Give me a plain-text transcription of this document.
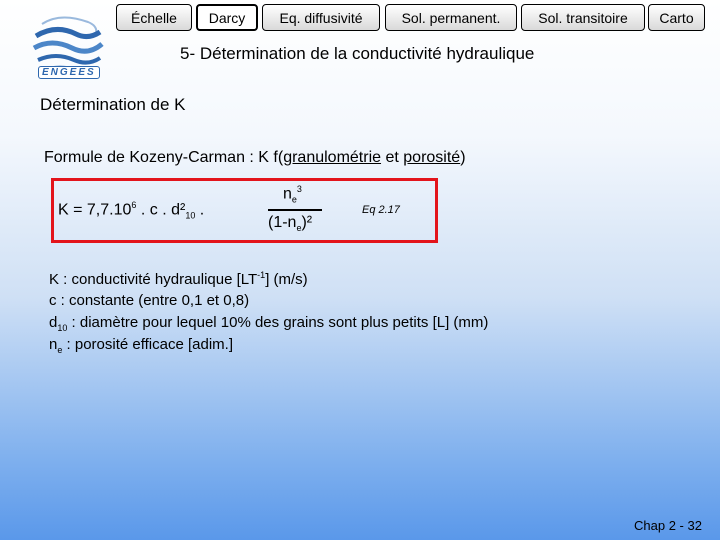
ENGEES
Échelle	Darcy	Eq. diffusivité	Sol. permanent.	Sol. transitoire	Carto
5- Détermination de la conductivité hydraulique
Détermination de K
Formule de Kozeny-Carman : K f(granulométrie et porosité)
$K = 7,7.10^6$ . c . $d^2_{10}$ .
$n_e^3$
$(1-n_e)^2$
Eq 2.17
K : conductivité hydraulique $[LT^{-1}]$ (m/s)
c : constante (entre 0,1 et 0,8)
$d_{10}$ : diamètre pour lequel 10% des grains sont plus petits [L] (mm)
$n_e$ : porosité efficace [adim.]
Chap 2 - 32
